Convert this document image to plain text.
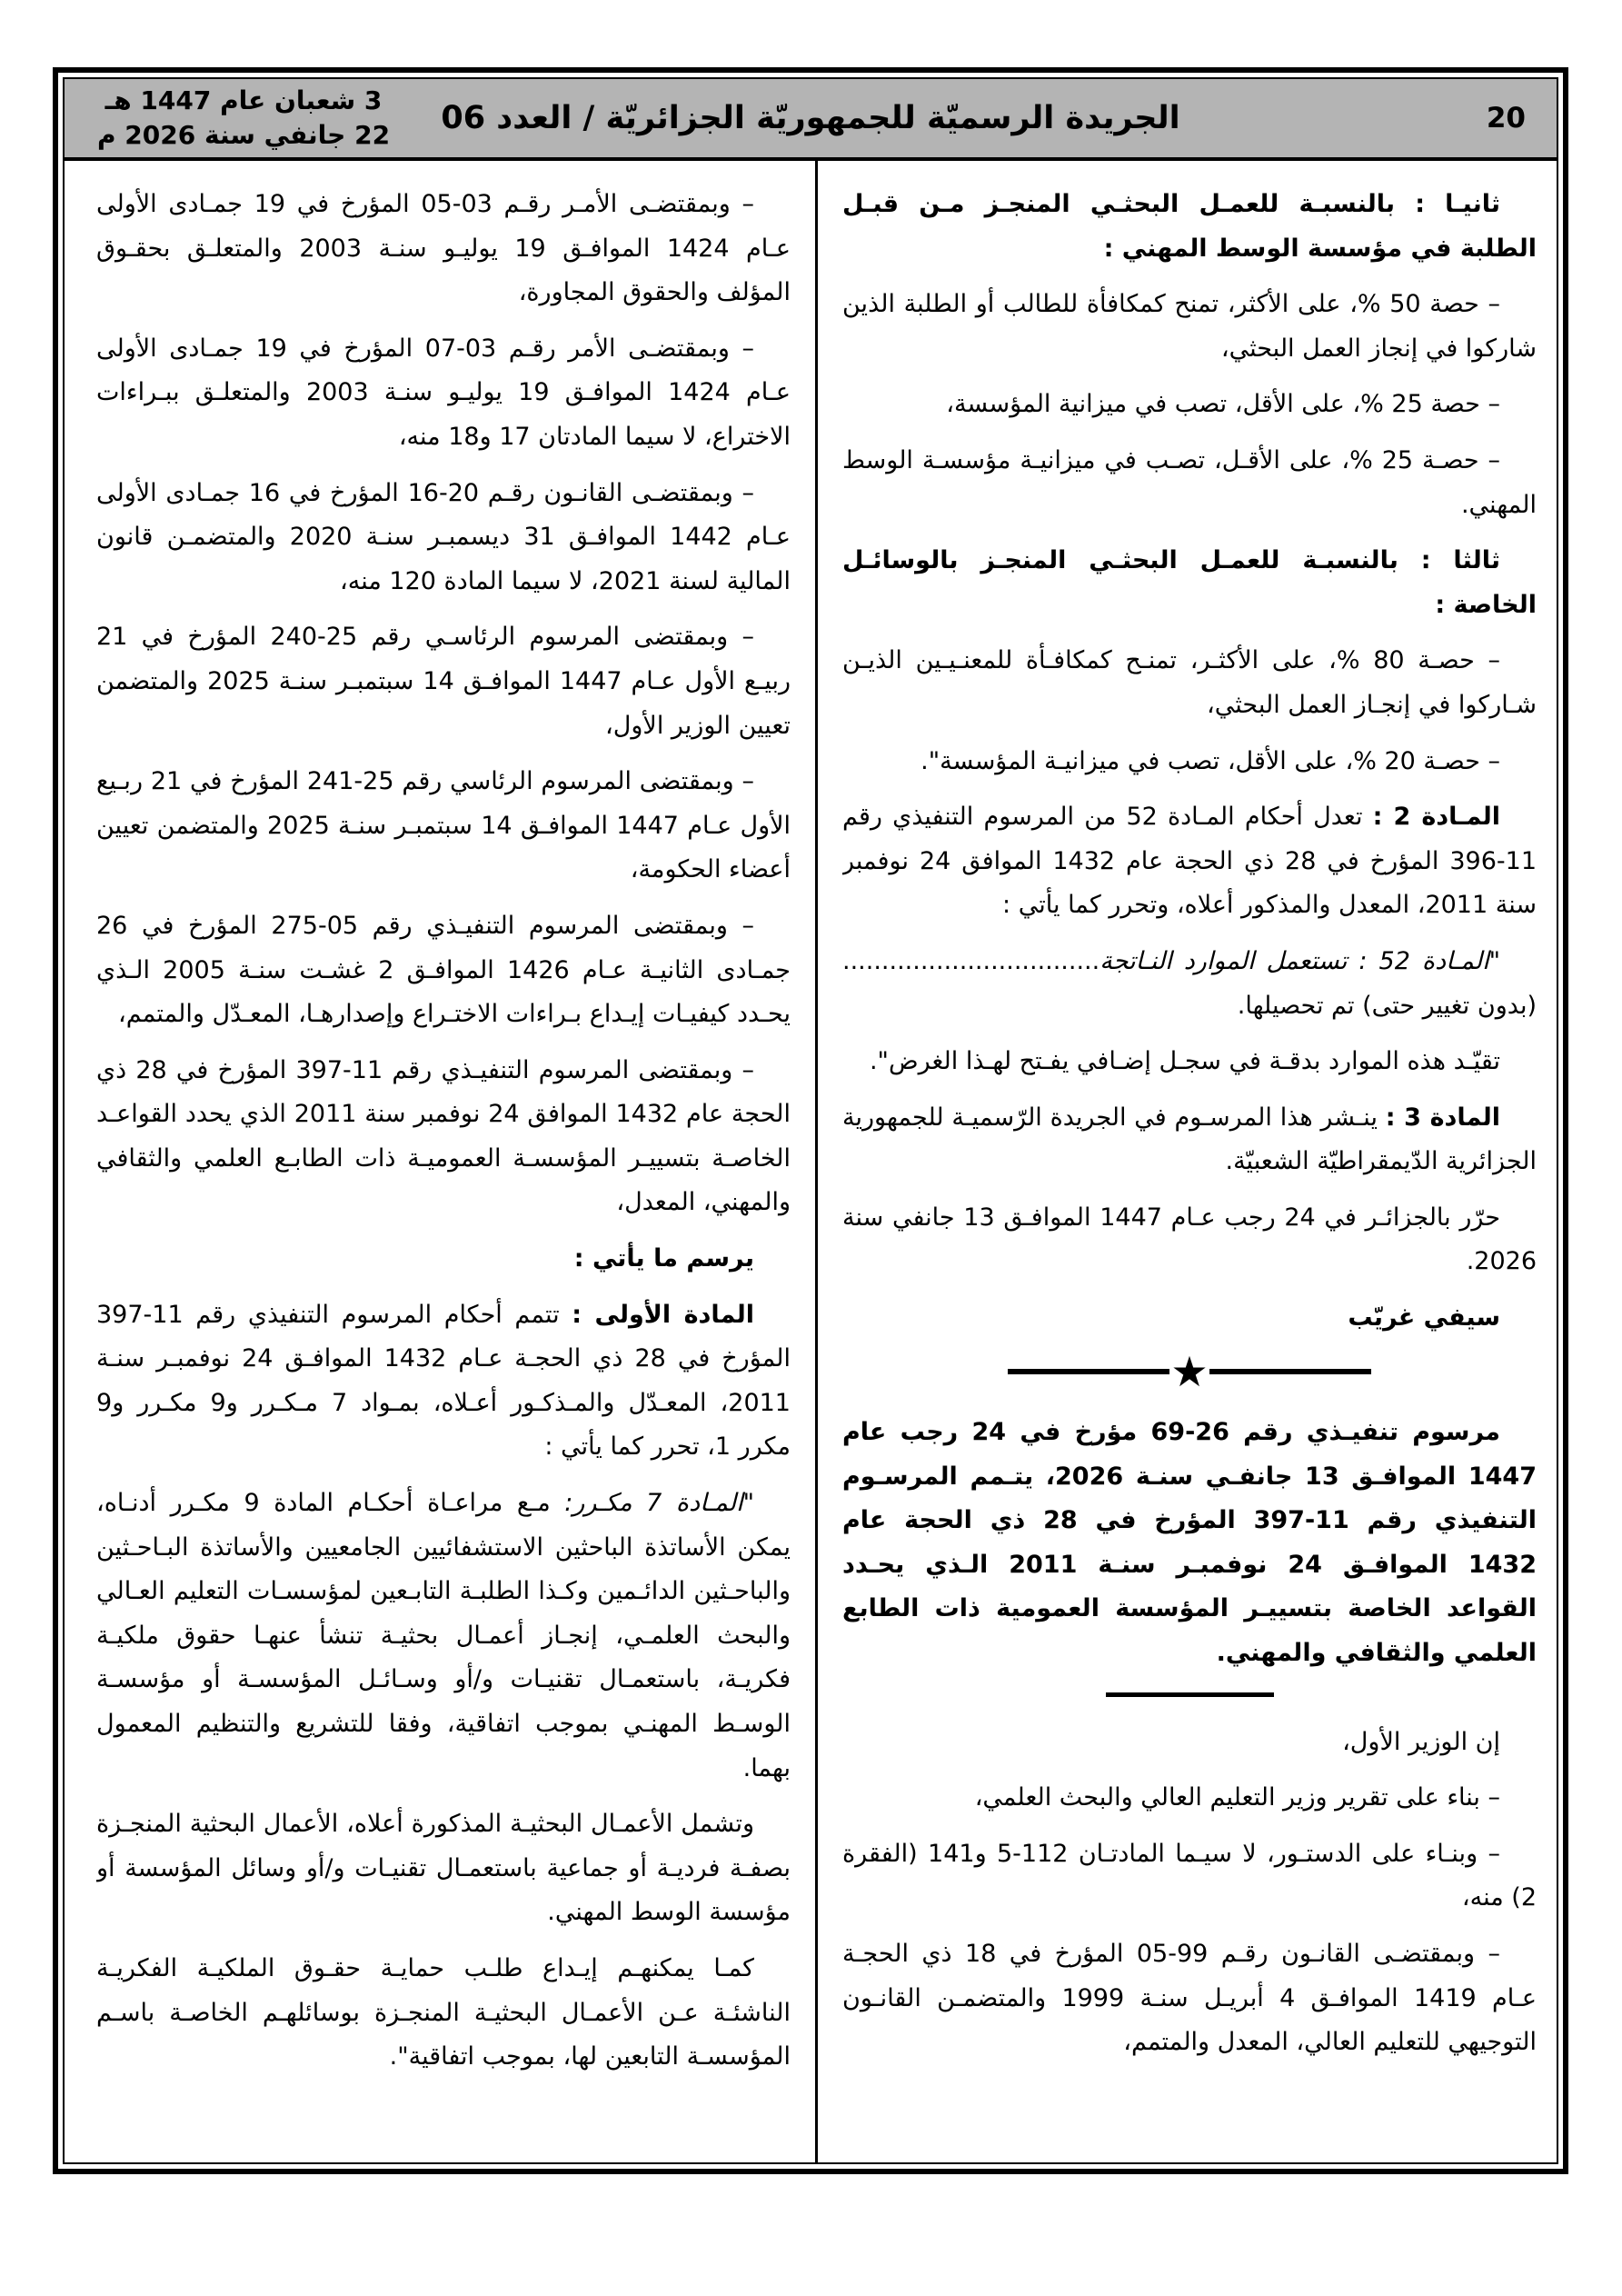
20
الجريدة الرسميّة للجمهوريّة الجزائريّة / العدد 06
3 شعبان عام 1447 هـ
22 جانفي سنة 2026 م

ثانيـا : بالنسبـة للعمـل البحثـي المنجـز مـن قبـل الطلبة في مؤسسة الوسط المهني :

– حصة 50 %، على الأكثر، تمنح كمكافأة للطالب أو الطلبة الذين شاركوا في إنجاز العمل البحثي،

– حصة 25 %، على الأقل، تصب في ميزانية المؤسسة،

– حصـة 25 %، على الأقـل، تصـب في ميزانيـة مؤسسـة الوسط المهني.

ثالثا : بالنسبـة للعمـل البحثـي المنجـز بالوسائـل الخاصة :

– حصـة 80 %، على الأكثـر، تمنـح كمكافـأة للمعنـيـين الذيـن شـاركوا في إنجـاز العمل البحثي،

– حصـة 20 %، على الأقل، تصب في ميزانيـة المؤسسة".

المـادة 2 : تعدل أحكام المـادة 52 من المرسوم التنفيذي رقم 11‑396 المؤرخ في 28 ذي الحجة عام 1432 الموافق 24 نوفمبر سنة 2011، المعدل والمذكور أعلاه، وتحرر كما يأتي :

"المـادة 52 : تستعمل الموارد النـاتجة................................. (بدون تغيير حتى) تم تحصيلها.

تقيّـد هذه الموارد بدقـة في سجـل إضـافي يفـتح لهـذا الغرض".

المادة 3 : ينـشر هذا المرسـوم في الجريدة الرّسميـة للجمهورية الجزائرية الدّيمقراطيّة الشعبيّة.

حرّر بالجزائـر في 24 رجب عـام 1447 الموافـق 13 جانفي سنة 2026.

سيفي غريّب

★

مرسوم تنفيـذي رقم 26‑69 مؤرخ في 24 رجب عام 1447 الموافـق 13 جانفـي سنـة 2026، يتـمم المرسـوم التنفيذي رقم 11‑397 المؤرخ في 28 ذي الحجة عام 1432 الموافـق 24 نوفمبـر سنـة 2011 الـذي يحـدد القواعد الخاصة بتسييـر المؤسسة العمومية ذات الطابع العلمي والثقافي والمهني.

إن الوزير الأول،

– بناء على تقرير وزير التعليم العالي والبحث العلمي،

– وبنـاء على الدستـور، لا سيـما المادتـان 112‑5 و141 (الفقرة 2) منه،

– وبمقتضـى القانـون رقـم 99‑05 المؤرخ في 18 ذي الحجـة عـام 1419 الموافـق 4 أبريـل سنـة 1999 والمتضمـن القانـون التوجيهي للتعليم العالي، المعدل والمتمم،

– وبمقتضـى الأمـر رقـم 03‑05 المؤرخ في 19 جمـادى الأولى عـام 1424 الموافـق 19 يوليـو سنـة 2003 والمتعلـق بحقـوق المؤلف والحقوق المجاورة،

– وبمقتضـى الأمر رقـم 03‑07 المؤرخ في 19 جمـادى الأولى عـام 1424 الموافـق 19 يوليـو سنـة 2003 والمتعلـق ببـراءات الاختراع، لا سيما المادتان 17 و18 منه،

– وبمقتضـى القانـون رقـم 20‑16 المؤرخ في 16 جمـادى الأولى عـام 1442 الموافـق 31 ديسمبـر سنـة 2020 والمتضمـن قانون المالية لسنة 2021، لا سيما المادة 120 منه،

– وبمقتضى المرسوم الرئاسـي رقم 25‑240 المؤرخ في 21 ربيـع الأول عـام 1447 الموافـق 14 سبتمبـر سنـة 2025 والمتضمن تعيين الوزير الأول،

– وبمقتضى المرسوم الرئاسي رقم 25‑241 المؤرخ في 21 ربـيع الأول عـام 1447 الموافـق 14 سبتمبـر سنـة 2025 والمتضمن تعيين أعضاء الحكومة،

– وبمقتضى المرسوم التنفيـذي رقم 05‑275 المؤرخ في 26 جمـادى الثانيـة عـام 1426 الموافـق 2 غشـت سنـة 2005 الـذي يحـدد كيفيـات إيـداع بـراءات الاختـراع وإصدارهـا، المعـدّل والمتمم،

– وبمقتضى المرسوم التنفيـذي رقم 11‑397 المؤرخ في 28 ذي الحجة عام 1432 الموافق 24 نوفمبر سنة 2011 الذي يحدد القواعـد الخاصـة بتسييـر المؤسسـة العموميـة ذات الطابـع العلمي والثقافي والمهني، المعدل،

يرسم ما يأتي :

المادة الأولى : تتمم أحكام المرسوم التنفيذي رقم 11‑397 المؤرخ في 28 ذي الحجـة عـام 1432 الموافـق 24 نوفمبـر سنـة 2011، المعـدّل والمـذكـور أعـلاه، بمـواد 7 مـكـرر و9 مكـرر و9 مكرر 1، تحرر كما يأتي :

"المـادة 7 مكـرر: مـع مراعـاة أحكـام المادة 9 مكـرر أدنـاه، يمكن الأساتذة الباحثين الاستشفائيين الجامعيين والأساتذة البـاحـثين والباحـثين الدائـمين وكـذا الطلبـة التابـعين لمؤسسـات التعليم العـالي والبحث العلمـي، إنجـاز أعمـال بحثيـة تنشأ عنهـا حقوق ملكيـة فكريـة، باستعمـال تقنيـات و/أو وسـائـل المؤسسـة أو مؤسسـة الوسـط المهنـي بموجب اتفاقية، وفقا للتشريع والتنظيم المعمول بهما.

وتشمل الأعمـال البحثيـة المذكورة أعلاه، الأعمال البحثية المنجـزة بصفـة فرديـة أو جماعية باستعمـال تقنيـات و/أو وسائل المؤسسة أو مؤسسة الوسط المهني.

كمـا يمكنهـم إيـداع طلـب حمايـة حقـوق الملكيـة الفكريـة الناشئـة عـن الأعمـال البحثيـة المنجـزة بوسائلهـم الخاصـة باسـم المؤسسـة التابعين لها، بموجب اتفاقية".
